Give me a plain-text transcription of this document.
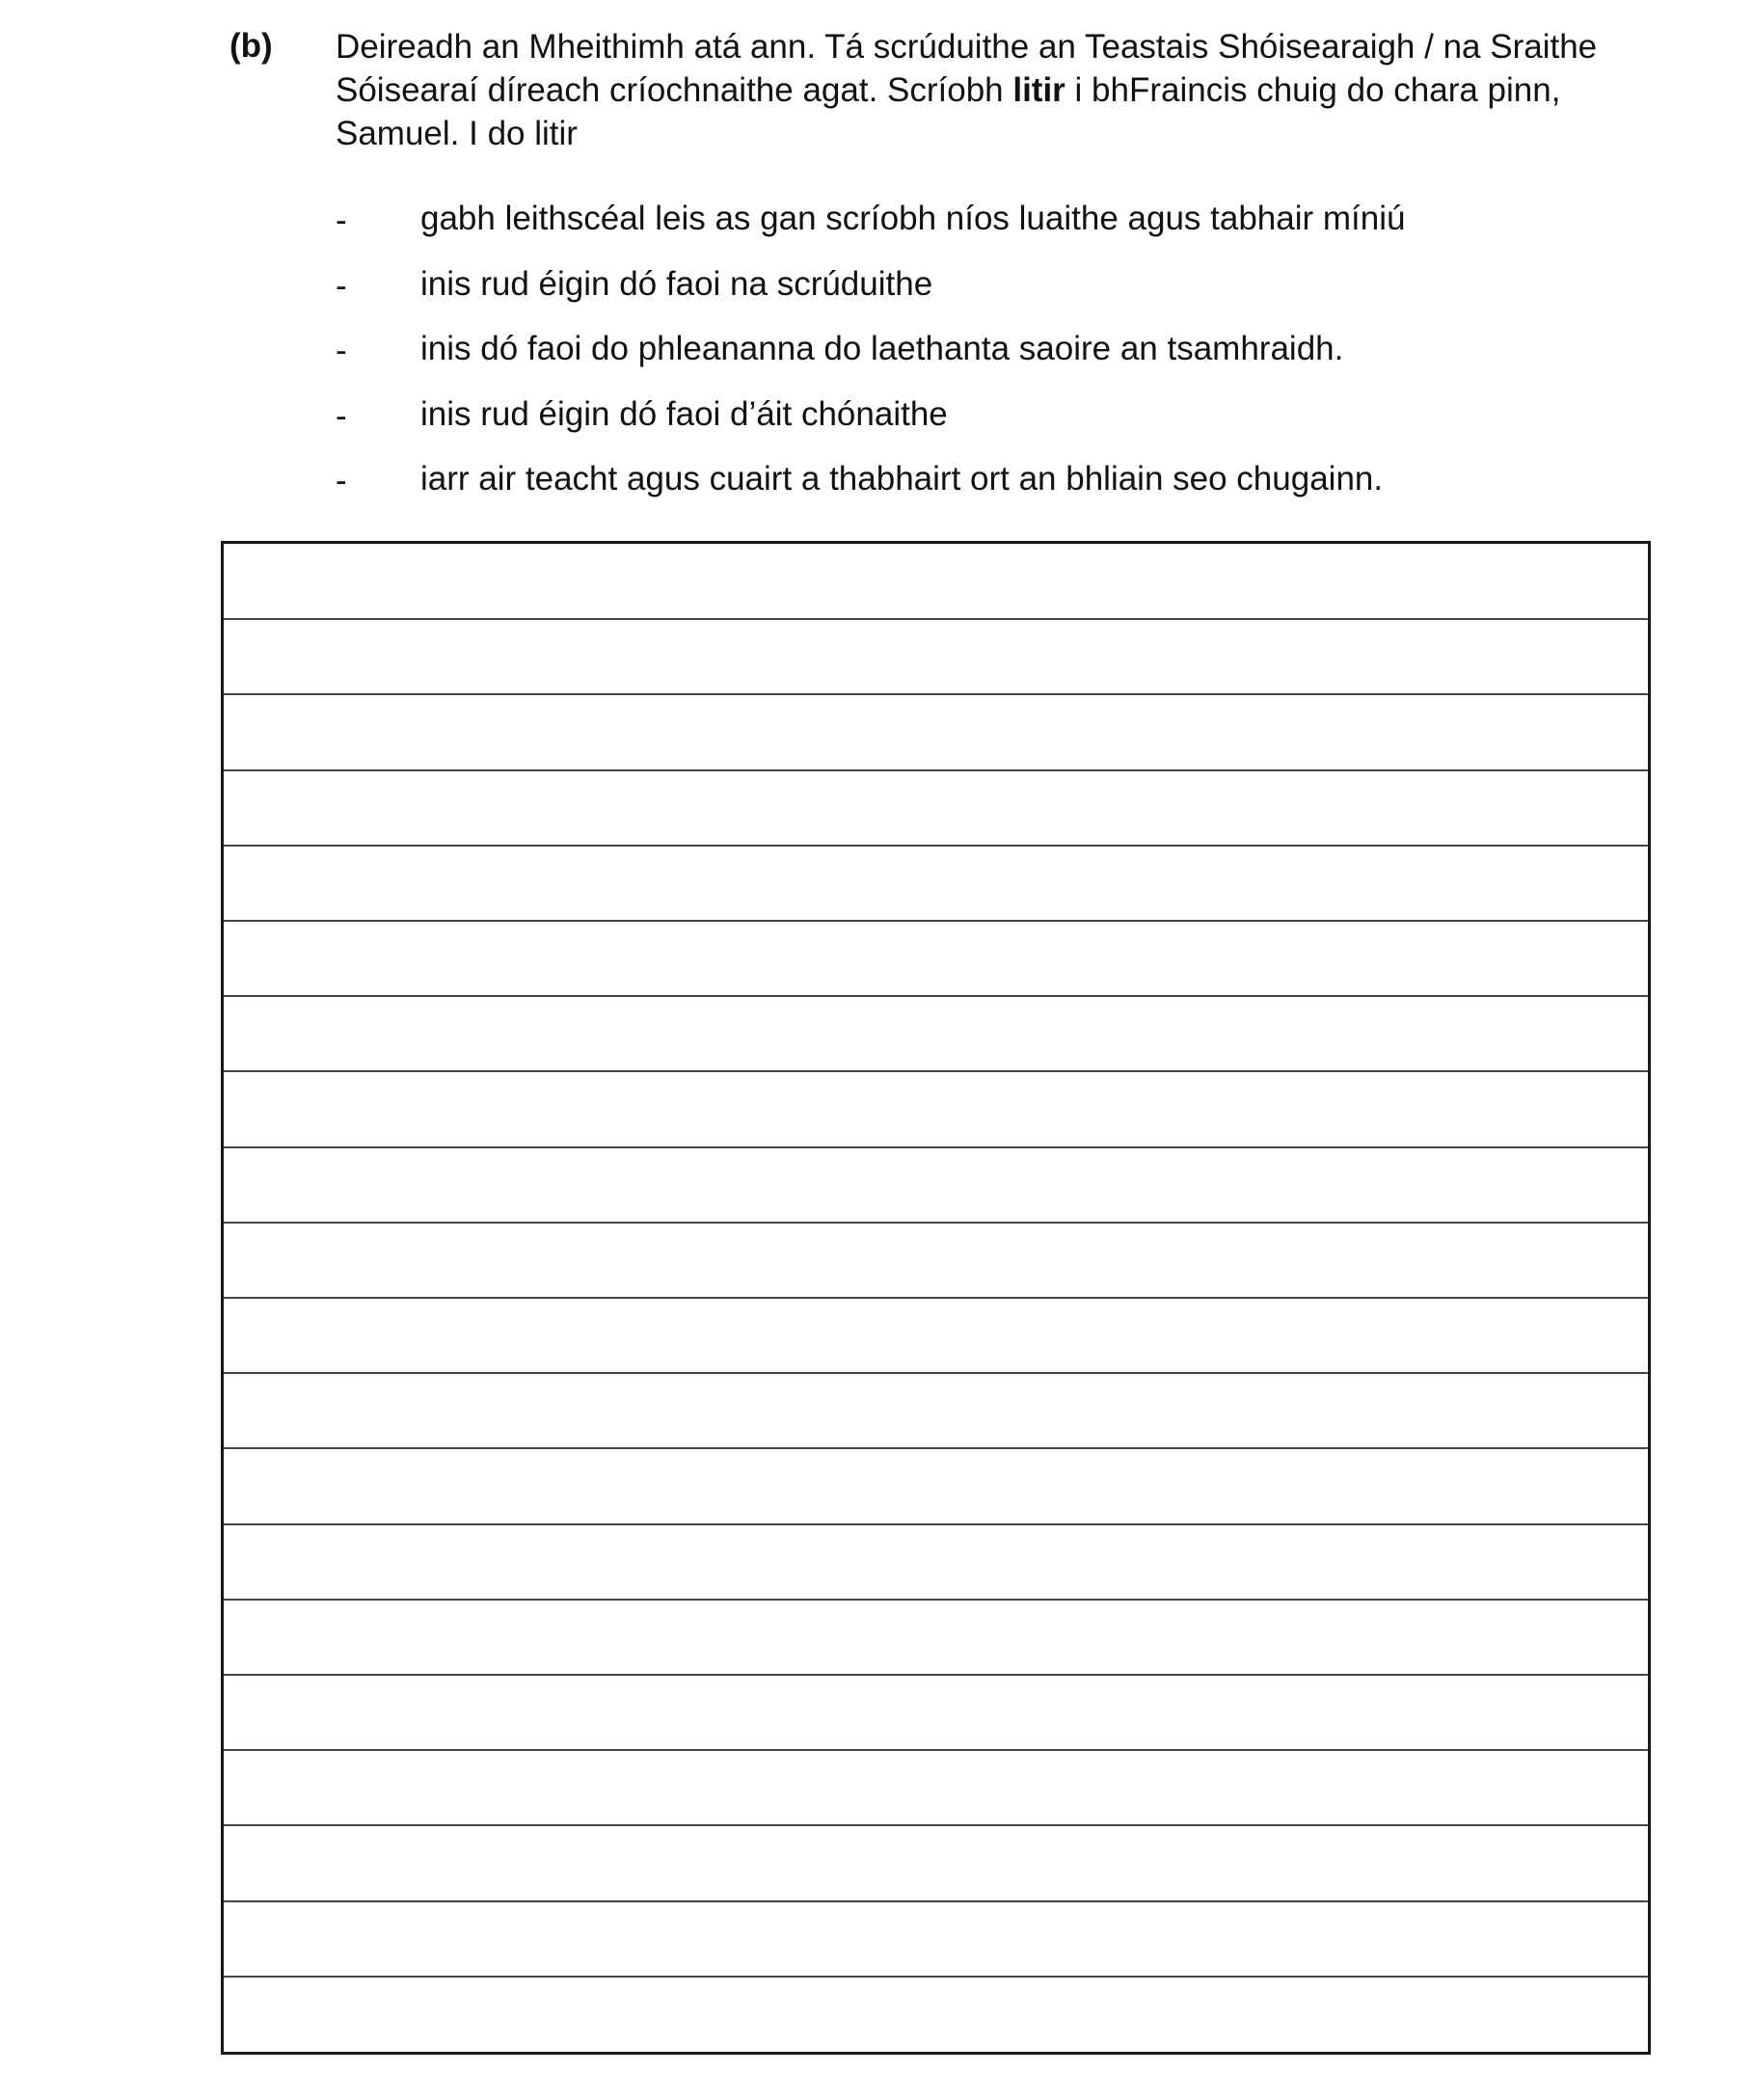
(b) Deireadh an Mheithimh atá ann. Tá scrúduithe an Teastais Shóisearaigh / na Sraithe
Sóisearaí díreach críochnaithe agat. Scríobh litir i bhFraincis chuig do chara pinn,
Samuel. I do litir
-	gabh leithscéal leis as gan scríobh níos luaithe agus tabhair míniú
-	inis rud éigin dó faoi na scrúduithe
-	inis dó faoi do phleananna do laethanta saoire an tsamhraidh.
-	inis rud éigin dó faoi d’áit chónaithe
-	iarr air teacht agus cuairt a thabhairt ort an bhliain seo chugainn.
